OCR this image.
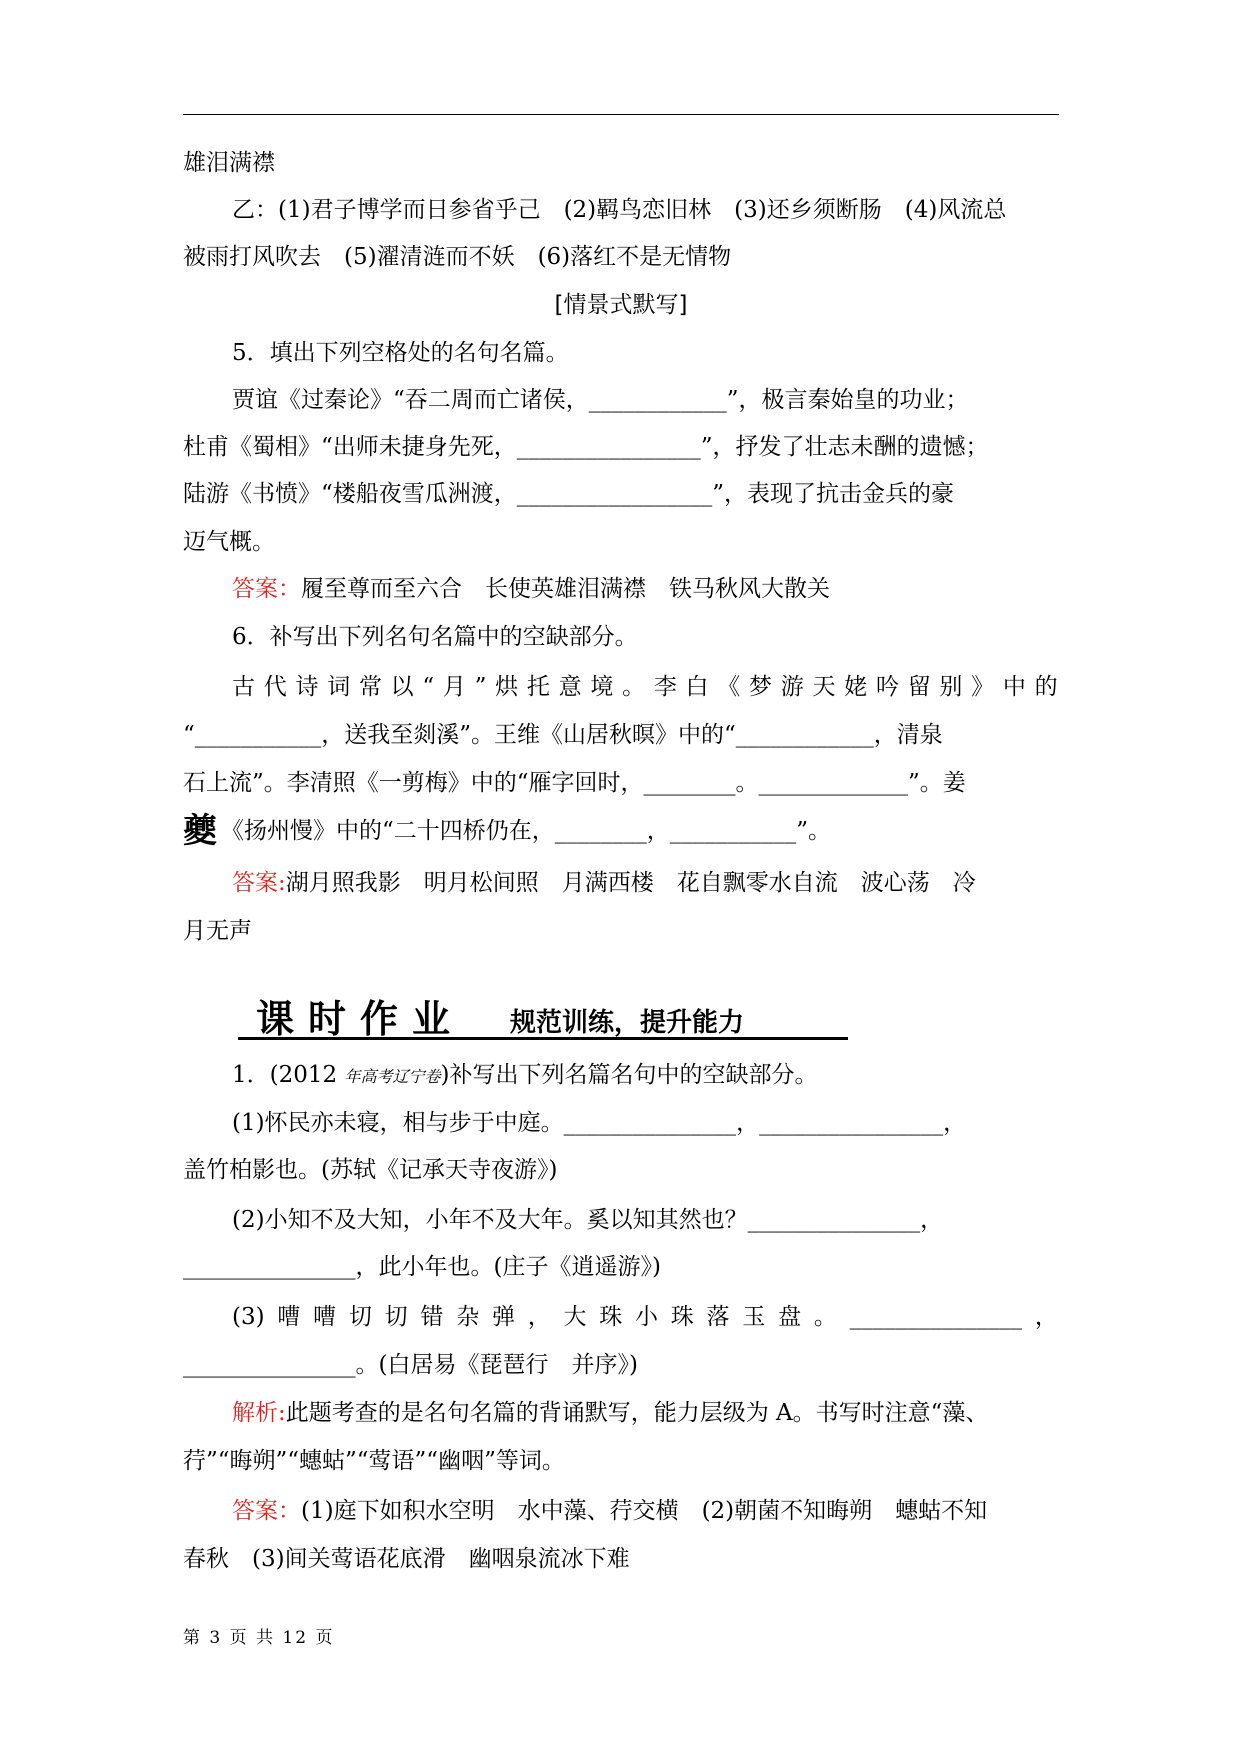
雄泪满襟
乙：(1)君子博学而日参省乎己　(2)羁鸟恋旧林　(3)还乡须断肠　(4)风流总
被雨打风吹去　(5)濯清涟而不妖　(6)落红不是无情物
[情景式默写]
5．填出下列空格处的名句名篇。
贾谊《过秦论》“吞二周而亡诸侯，____________”，极言秦始皇的功业；
杜甫《蜀相》“出师未捷身先死，________________”，抒发了壮志未酬的遗憾；
陆游《书愤》“楼船夜雪瓜洲渡，_________________”，表现了抗击金兵的豪
迈气概。
答案：履至尊而至六合　长使英雄泪满襟　铁马秋风大散关
6．补写出下列名句名篇中的空缺部分。
古 代 诗 词 常 以 “ 月 ” 烘 托 意 境 。 李 白 《 梦 游 天 姥 吟 留 别 》 中 的
“___________，送我至剡溪”。王维《山居秋暝》中的“____________，清泉
石上流”。李清照《一剪梅》中的“雁字回时，________。_____________”。姜
夔 《扬州慢》中的“二十四桥仍在，________，___________”。
答案:湖月照我影　明月松间照　月满西楼　花自飘零水自流　波心荡　冷
月无声
课时作业 规范训练，提升能力
1．(2012 年高考辽宁卷)补写出下列名篇名句中的空缺部分。
(1)怀民亦未寝，相与步于中庭。_______________，________________，
盖竹柏影也。(苏轼《记承天寺夜游》)
(2)小知不及大知，小年不及大年。奚以知其然也？_______________，
_______________，此小年也。(庄子《逍遥游》)
(3) 嘈 嘈 切 切 错 杂 弹 ， 大 珠 小 珠 落 玉 盘 。 _______________ ，
_______________。(白居易《琵琶行　并序》)
解析:此题考查的是名句名篇的背诵默写，能力层级为 A。书写时注意“藻、
荇”“晦朔”“蟪蛄”“莺语”“幽咽”等词。
答案：(1)庭下如积水空明　水中藻、荇交横　(2)朝菌不知晦朔　蟪蛄不知
春秋　(3)间关莺语花底滑　幽咽泉流冰下难
第 3 页 共 12 页
